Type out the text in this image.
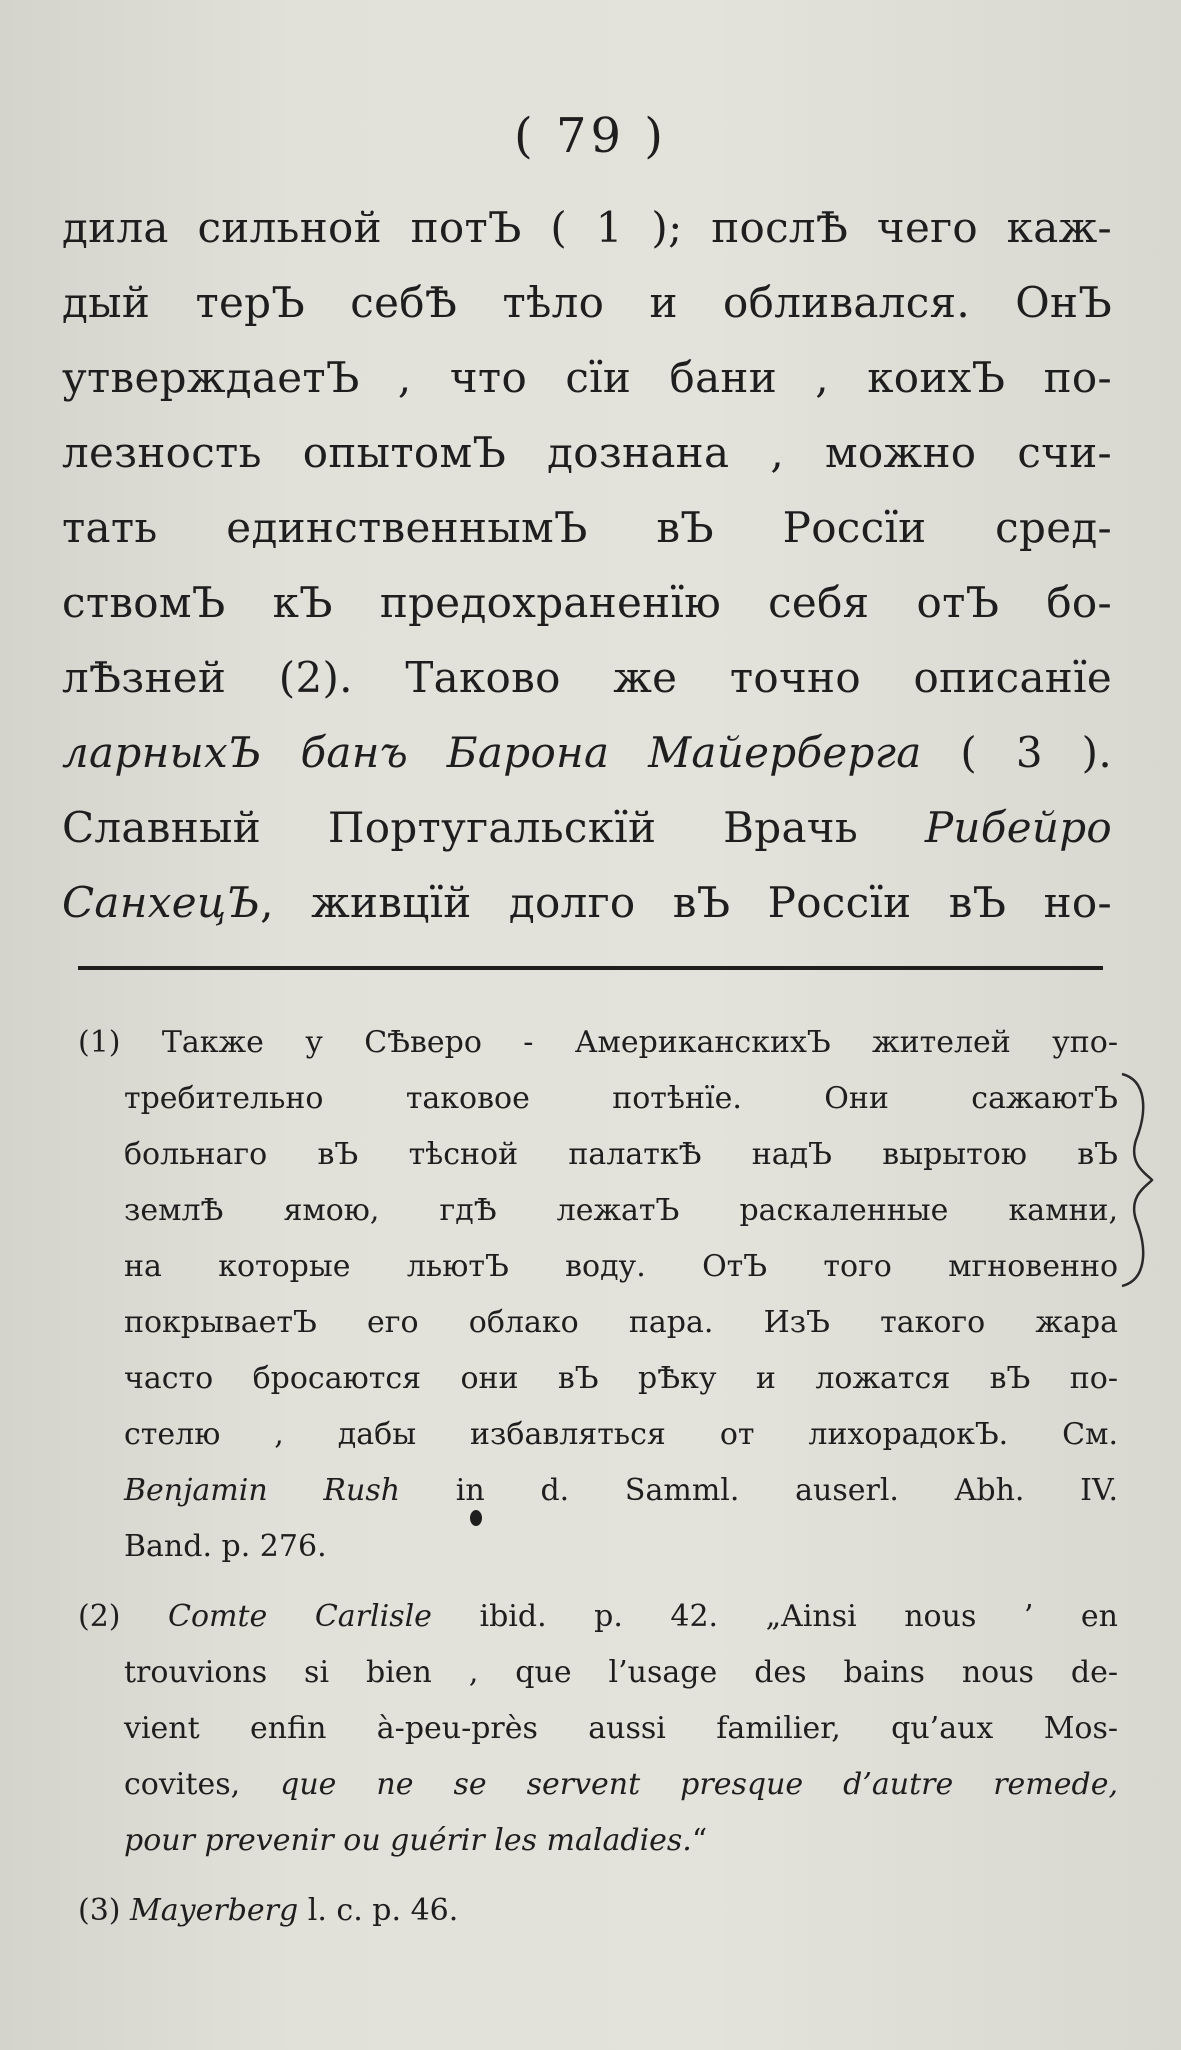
( 79 )
дила сильной потЪ ( 1 ); послѢ чего каж-
дый терЪ себѢ тѣло и обливался. ОнЪ
утверждаетЪ , что сїи бани , коихЪ по-
лезность опытомЪ дознана , можно счи-
тать единственнымЪ вЪ Россїи сред-
ствомЪ кЪ предохраненїю себя отЪ бо-
лѢзней (2). Таково же точно описанїе
ларныхЪ банъ Барона Майерберга ( 3 ).
Славный Португальскїй Врачь Рибейро
СанхецЪ, живцїй долго вЪ Россїи вЪ но-
(1) Также у СѢверо - АмериканскихЪ жителей упо-
требительно таковое потѣнїе. Они сажаютЪ
больнаго вЪ тѣсной палаткѢ надЪ вырытою вЪ
землѢ ямою, гдѢ лежатЪ раскаленные камни,
на которые льютЪ воду. ОтЪ того мгновенно
покрываетЪ его облако пара. ИзЪ такого жара
часто бросаются они вЪ рѢку и ложатся вЪ по-
стелю , дабы избавляться от лихорадокЪ. См.
Benjamin Rush in d. Samml. auserl. Abh. IV.
Band. p. 276.
(2) Comte Carlisle ibid. p. 42. „Ainsi nous ’ en
trouvions si bien , que l’usage des bains nous de-
vient enfin à-peu-près aussi familier, qu’aux Mos-
covites, que ne se servent presque d’autre remede,
pour prevenir ou guérir les maladies.“
(3) Mayerberg l. c. p. 46.
